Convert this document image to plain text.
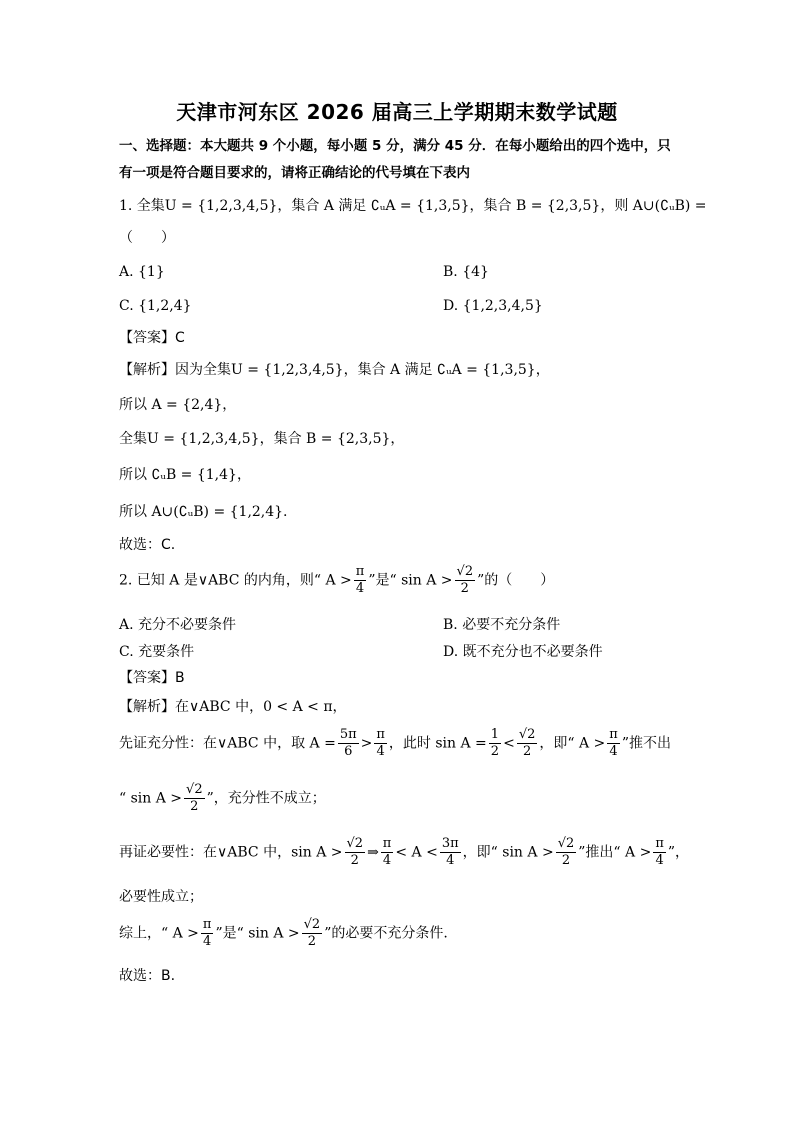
天津市河东区 2026 届高三上学期期末数学试题
一、选择题：本大题共 9 个小题，每小题 5 分，满分 45 分．在每小题给出的四个选中，只
有一项是符合题目要求的，请将正确结论的代号填在下表内
1. 全集U = {1,2,3,4,5}，集合 A 满足 ∁ᵤA = {1,3,5}，集合 B = {2,3,5}，则 A∪(∁ᵤB) =
（　　）
A. {1}	B. {4}
C. {1,2,4}	D. {1,2,3,4,5}
【答案】C
【解析】因为全集U = {1,2,3,4,5}，集合 A 满足 ∁ᵤA = {1,3,5}，
所以 A = {2,4}，
全集U = {1,2,3,4,5}，集合 B = {2,3,5}，
所以 ∁ᵤB = {1,4}，
所以 A∪(∁ᵤB) = {1,2,4}.
故选：C.
2. 已知 A 是∨ABC 的内角，则“ $A > \frac{\pi}{4}$ ”是“ $\sin A > \frac{√2}{2}$ ”的（　　）
A. 充分不必要条件	B. 必要不充分条件
C. 充要条件	D. 既不充分也不必要条件
【答案】B
【解析】在∨ABC 中，0 < A < π，
先证充分性：在∨ABC 中，取 $A = \frac{5\pi}{6} > \frac{\pi}{4}$ ，此时 $\sin A = \frac{1}{2} < \frac{√2}{2}$ ，即“ $A > \frac{\pi}{4}$ ”推不出
“ $\sin A > \frac{√2}{2}$ ”，充分性不成立；
再证必要性：在∨ABC 中，$\sin A > \frac{√2}{2}$ ⇒ $\frac{\pi}{4} < A < \frac{3\pi}{4}$ ，即“ $\sin A > \frac{√2}{2}$ ”推出“ $A > \frac{\pi}{4}$ ”，
必要性成立；
综上，“ $A > \frac{\pi}{4}$ ”是“ $\sin A > \frac{√2}{2}$ ”的必要不充分条件.
故选：B.
